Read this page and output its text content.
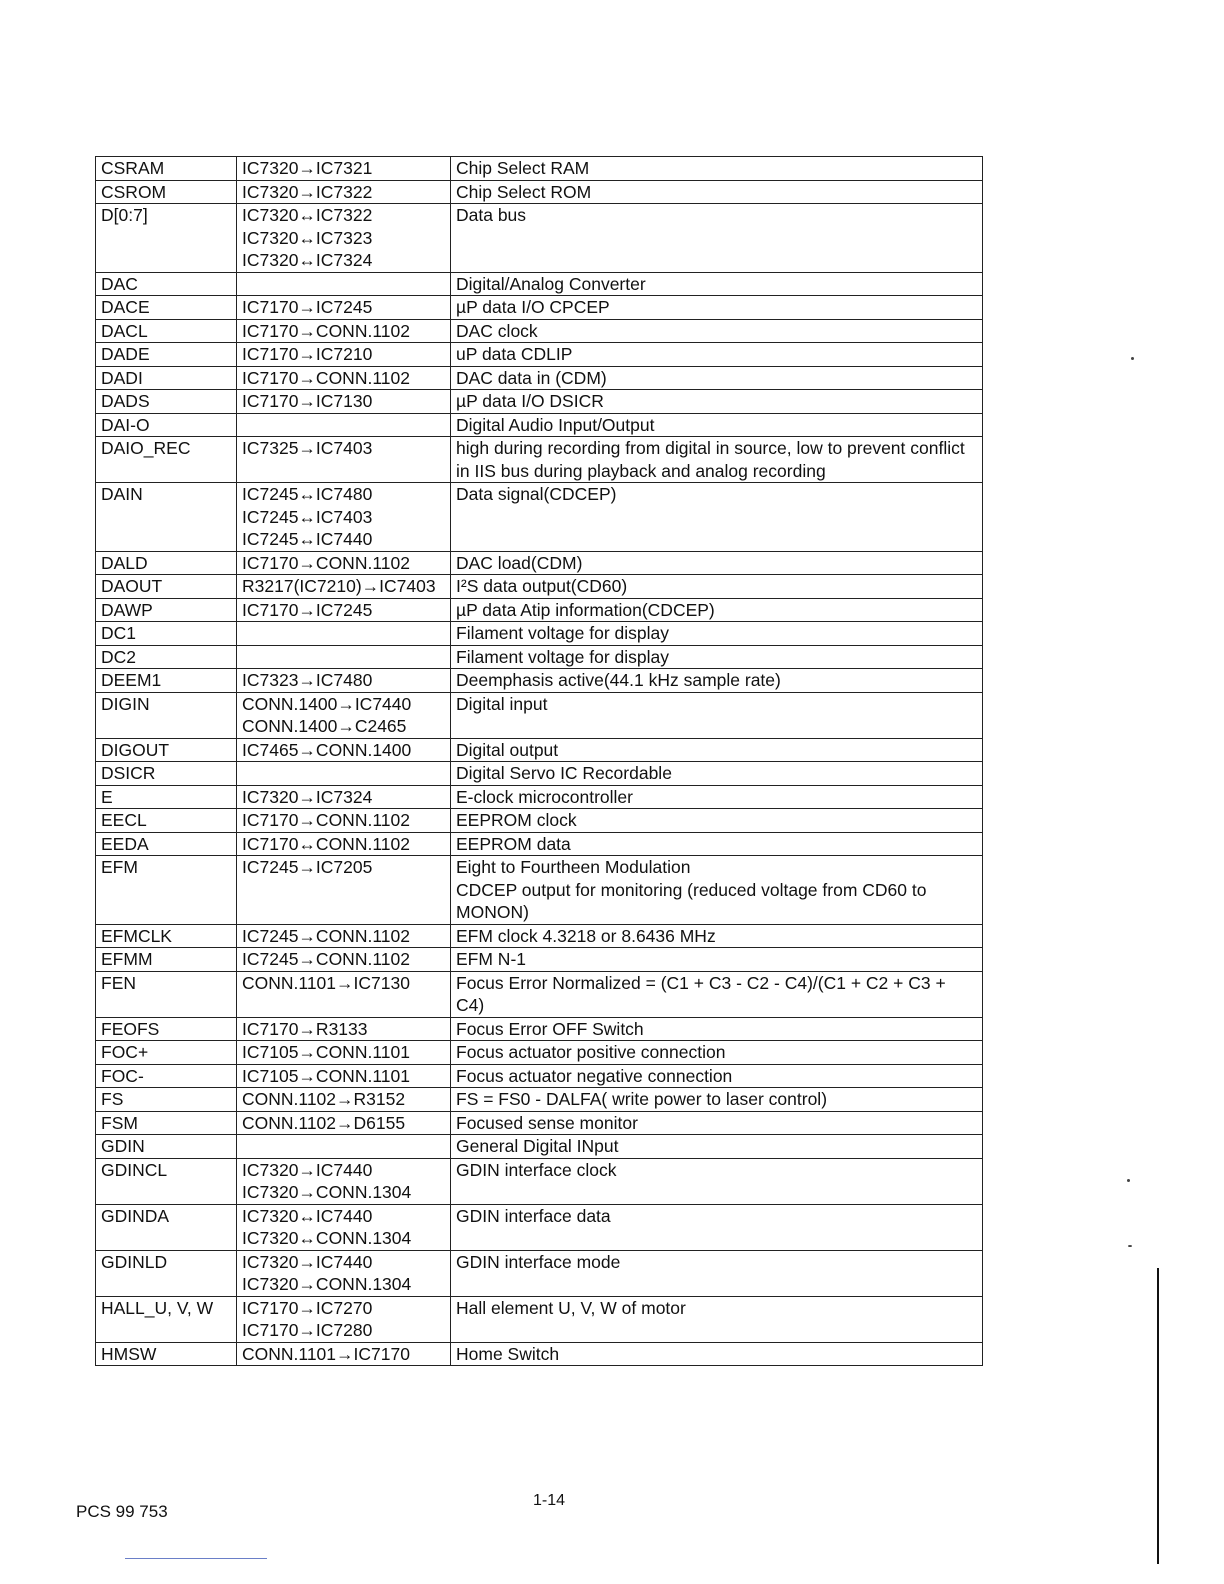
CSRAM	IC7320→IC7321	Chip Select RAM

CSROM	IC7320→IC7322	Chip Select ROM

D[0:7]	IC7320↔IC7322
IC7320↔IC7323
IC7320↔IC7324	Data bus

DAC		Digital/Analog Converter

DACE	IC7170→IC7245	µP data I/O CPCEP

DACL	IC7170→CONN.1102	DAC clock

DADE	IC7170→IC7210	uP data CDLIP

DADI	IC7170→CONN.1102	DAC data in (CDM)

DADS	IC7170→IC7130	µP data I/O DSICR

DAI-O		Digital Audio Input/Output

DAIO_REC	IC7325→IC7403	high during recording from digital in source, low to prevent conflict in IIS bus during playback and analog recording

DAIN	IC7245↔IC7480
IC7245↔IC7403
IC7245↔IC7440	Data signal(CDCEP)

DALD	IC7170→CONN.1102	DAC load(CDM)

DAOUT	R3217(IC7210)→IC7403	I²S data output(CD60)

DAWP	IC7170→IC7245	µP data Atip information(CDCEP)

DC1		Filament voltage for display

DC2		Filament voltage for display

DEEM1	IC7323→IC7480	Deemphasis active(44.1 kHz sample rate)

DIGIN	CONN.1400→IC7440
CONN.1400→C2465	Digital input

DIGOUT	IC7465→CONN.1400	Digital output

DSICR		Digital Servo IC Recordable

E	IC7320→IC7324	E-clock microcontroller

EECL	IC7170→CONN.1102	EEPROM clock

EEDA	IC7170↔CONN.1102	EEPROM data

EFM	IC7245→IC7205	Eight to Fourtheen Modulation
CDCEP output for monitoring (reduced voltage from CD60 to MONON)

EFMCLK	IC7245→CONN.1102	EFM clock 4.3218 or 8.6436 MHz

EFMM	IC7245→CONN.1102	EFM N-1

FEN	CONN.1101→IC7130	Focus Error Normalized = (C1 + C3 - C2 - C4)/(C1 + C2 + C3 + C4)

FEOFS	IC7170→R3133	Focus Error OFF Switch

FOC+	IC7105→CONN.1101	Focus actuator positive connection

FOC-	IC7105→CONN.1101	Focus actuator negative connection

FS	CONN.1102→R3152	FS = FS0 - DALFA( write power to laser control)

FSM	CONN.1102→D6155	Focused sense monitor

GDIN		General Digital INput

GDINCL	IC7320→IC7440
IC7320→CONN.1304	GDIN interface clock

GDINDA	IC7320↔IC7440
IC7320↔CONN.1304	GDIN interface data

GDINLD	IC7320→IC7440
IC7320→CONN.1304	GDIN interface mode

HALL_U, V, W	IC7170→IC7270
IC7170→IC7280	Hall element U, V, W of motor

HMSW	CONN.1101→IC7170	Home Switch
PCS 99 753
1-14
